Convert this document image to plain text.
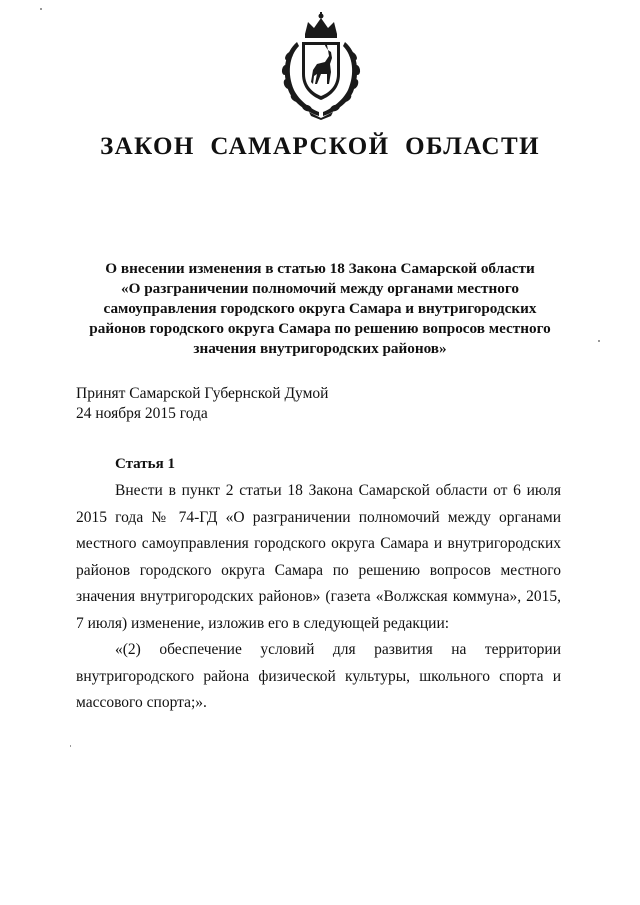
ЗАКОН САМАРСКОЙ ОБЛАСТИ
О внесении изменения в статью 18 Закона Самарской области
«О разграничении полномочий между органами местного
самоуправления городского округа Самара и внутригородских
районов городского округа Самара по решению вопросов местного
значения внутригородских районов»
Принят Самарской Губернской Думой
24 ноября 2015 года
Статья 1

Внести в пункт 2 статьи 18 Закона Самарской области от 6 июля 2015 года № 74-ГД «О разграничении полномочий между органами местного самоуправления городского округа Самара и внутригородских районов городского округа Самара по решению вопросов местного значения внутригородских районов» (газета «Волжская коммуна», 2015, 7 июля) изменение, изложив его в следующей редакции:

«(2) обеспечение условий для развития на территории внутригородского района физической культуры, школьного спорта и массового спорта;».
